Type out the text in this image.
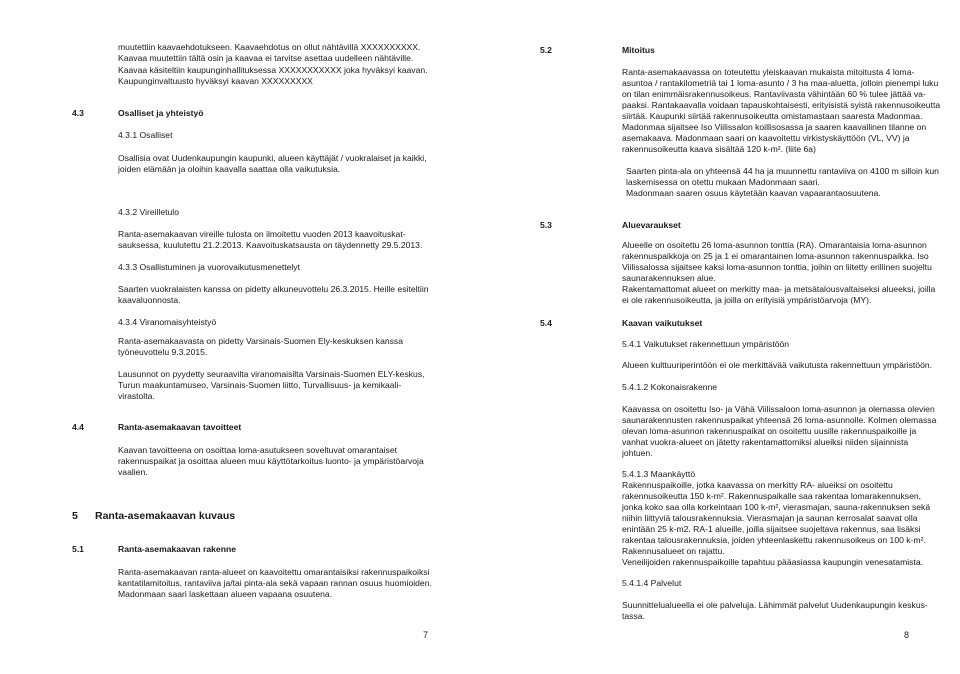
muutettiin kaavaehdotukseen. Kaavaehdotus on ollut nähtävillä XXXXXXXXXX.
Kaavaa muutettiin tältä osin ja kaavaa ei tarvitse asettaa uudelleen nähtäville.
Kaavaa käsiteltiin kaupunginhallituksessa XXXXXXXXXXX joka hyväksyi kaavan.
Kaupunginvaltuusto hyväksyi kaavan XXXXXXXXX
4.3	Osalliset ja yhteistyö
4.3.1 Osalliset
Osallisia ovat Uudenkaupungin kaupunki, alueen käyttäjät / vuokralaiset ja kaikki,
joiden elämään ja oloihin kaavalla saattaa olla vaikutuksia.
4.3.2 Vireilletulo
Ranta-asemakaavan vireille tulosta on ilmoitettu vuoden 2013 kaavoituskat-
sauksessa, kuulutettu 21.2.2013. Kaavoituskatsausta on täydennetty 29.5.2013.
4.3.3 Osallistuminen ja vuorovaikutusmenettelyt
Saarten vuokralaisten kanssa on pidetty alkuneuvottelu 26.3.2015. Heille esiteltiin
kaavaluonnosta.
4.3.4 Viranomaisyhteistyö
Ranta-asemakaavasta on pidetty Varsinais-Suomen Ely-keskuksen kanssa
työneuvottelu 9.3.2015.
Lausunnot on pyydetty seuraavilta viranomaisilta Varsinais-Suomen ELY-keskus,
Turun maakuntamuseo, Varsinais-Suomen liitto, Turvallisuus- ja kemikaali-
virastolta.
4.4	Ranta-asemakaavan tavoitteet
Kaavan tavoitteena on osoittaa loma-asutukseen soveltuvat omarantaiset
rakennuspaikat ja osoittaa alueen muu käyttötarkoitus luonto- ja ympäristöarvoja
vaalien.
5 Ranta-asemakaavan kuvaus
5.1	Ranta-asemakaavan rakenne
Ranta-asemakaavan ranta-alueet on kaavoitettu omarantaisiksi rakennuspaikoiksi
kantatilamitoitus, rantaviiva ja/tai pinta-ala sekä vapaan rannan osuus huomioiden.
Madonmaan saari laskettaan alueen vapaana osuutena.
7
5.2	Mitoitus
Ranta-asemakaavassa on toteutettu yleiskaavan mukaista mitoitusta 4 loma-
asuntoa / rantakilometriä tai 1 loma-asunto / 3 ha maa-aluetta, jolloin pienempi luku
on tilan enimmäisrakennusoikeus. Rantaviivasta vähintään 60 % tulee jättää va-
paaksi. Rantakaavalla voidaan tapauskohtaisesti, erityisistä syistä rakennusoikeutta
siirtää. Kaupunki siirtää rakennusoikeutta omistamastaan saaresta Madonmaa.
Madonmaa sijaitsee Iso Viilissalon koillisosassa ja saaren kaavallinen tilanne on
asemakaava. Madonmaan saari on kaavoitettu virkistyskäyttöön (VL, VV) ja
rakennusoikeutta kaava sisältää 120 k-m². (liite 6a)
Saarten pinta-ala on yhteensä 44 ha ja muunnettu rantaviiva on 4100 m silloin kun
laskemisessa on otettu mukaan Madonmaan saari.
Madonmaan saaren osuus käytetään kaavan vapaarantaosuutena.
5.3	Aluevaraukset
Alueelle on osoitettu 26 loma-asunnon tonttia (RA). Omarantaisia loma-asunnon
rakennuspaikkoja on 25 ja 1 ei omarantainen loma-asunnon rakennuspaikka. Iso
Viilissalossa sijaitsee kaksi loma-asunnon tonttia, joihin on liitetty erillinen suojeltu
saunarakennuksen alue.
Rakentamattomat alueet on merkitty maa- ja metsätalousvaltaiseksi alueeksi, joilla
ei ole rakennusoikeutta, ja joilla on erityisiä ympäristöarvoja (MY).
5.4	Kaavan vaikutukset
5.4.1 Vaikutukset rakennettuun ympäristöön
Alueen kulttuuriperintöön ei ole merkittävää vaikutusta rakennettuun ympäristöön.
5.4.1.2 Kokonaisrakenne
Kaavassa on osoitettu Iso- ja Vähä Viilissaloon loma-asunnon ja olemassa olevien
saunarakennusten rakennuspaikat yhteensä 26 loma-asunnolle. Kolmen olemassa
olevan loma-asunnon rakennuspaikat on osoitettu uusille rakennuspaikoille ja
vanhat vuokra-alueet on jätetty rakentamattomiksi alueiksi niiden sijainnista
johtuen.
5.4.1.3 Maankäyttö
Rakennuspaikoille, jotka kaavassa on merkitty RA- alueiksi on osoitettu
rakennusoikeutta 150 k-m². Rakennuspaikalle saa rakentaa lomarakennuksen,
jonka koko saa olla korkeintaan 100 k-m², vierasmajan, sauna-rakennuksen sekä
niihin liittyviä talousrakennuksia. Vierasmajan ja saunan kerrosalat saavat olla
enintään 25 k-m2. RA-1 alueille, joilla sijaitsee suojeltava rakennus, saa lisäksi
rakentaa talousrakennuksia, joiden yhteenlaskettu rakennusoikeus on 100 k-m².
Rakennusalueet on rajattu.
Veneilijoiden rakennuspaikoille tapahtuu pääasiassa kaupungin venesatamista.
5.4.1.4 Palvelut
Suunnittelualueella ei ole palveluja. Lähimmät palvelut Uudenkaupungin keskus-
tassa.
8
